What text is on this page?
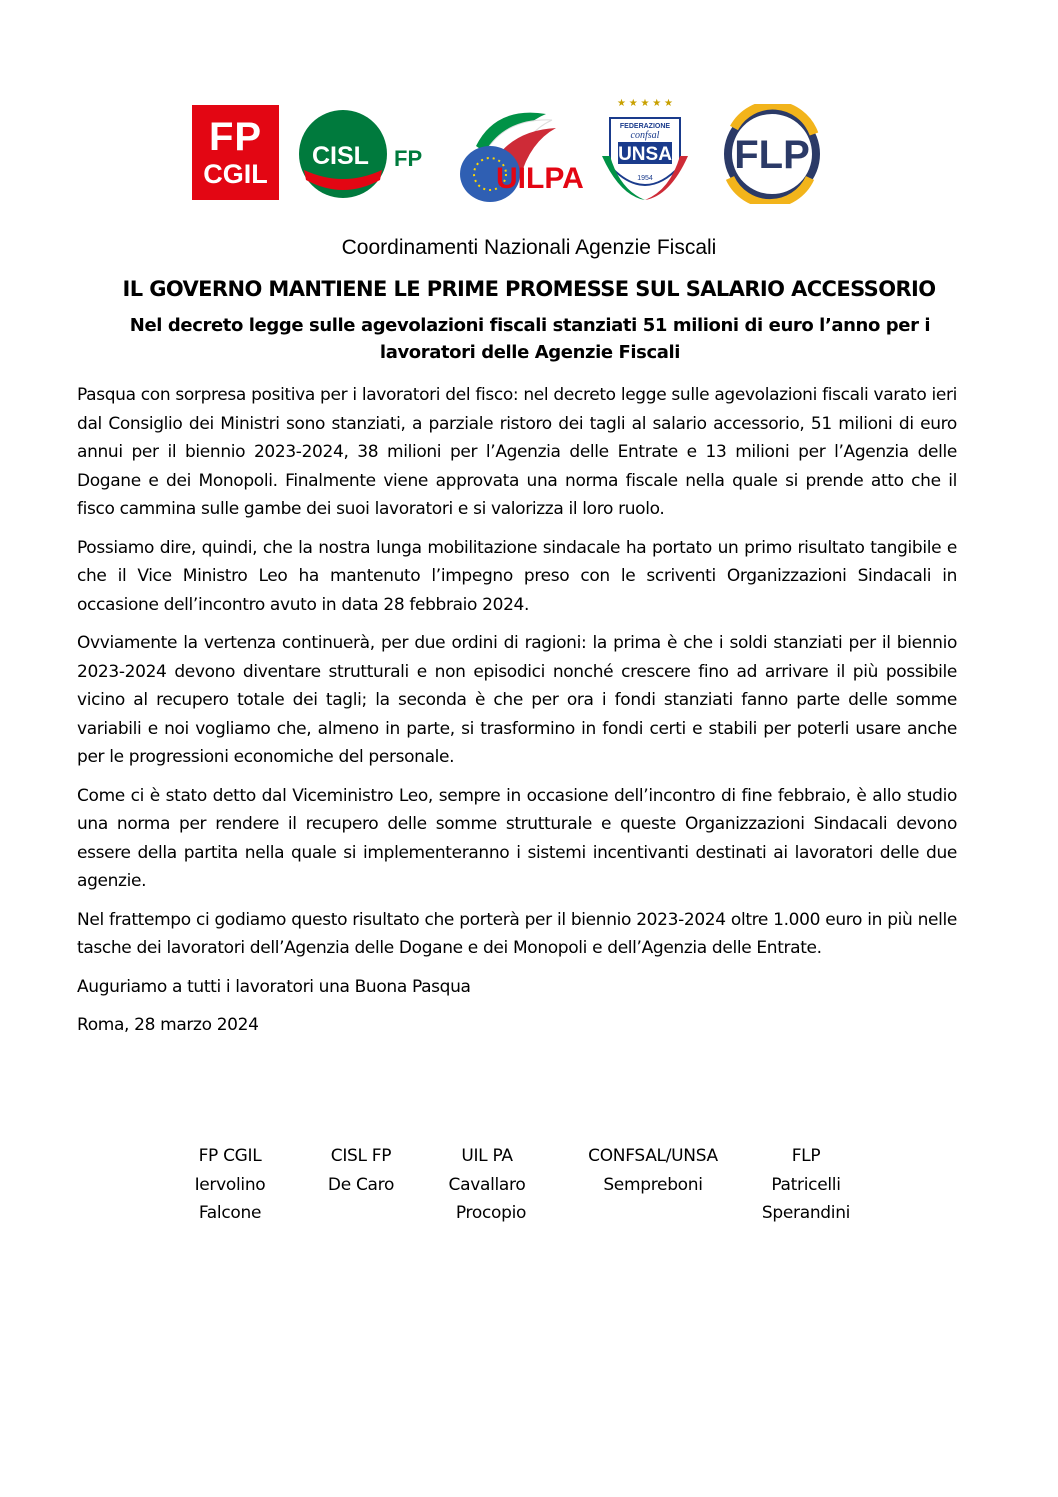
FP
CGIL
CISL FP
UILPA
★ ★ ★ ★ ★
FEDERAZIONE
confsal
UNSA
1954
FLP
Coordinamenti Nazionali Agenzie Fiscali
IL GOVERNO MANTIENE LE PRIME PROMESSE SUL SALARIO ACCESSORIO
Nel decreto legge sulle agevolazioni fiscali stanziati 51 milioni di euro l’anno per i
lavoratori delle Agenzie Fiscali

Pasqua con sorpresa positiva per i lavoratori del fisco: nel decreto legge sulle agevolazioni fiscali varato ieri dal Consiglio dei Ministri sono stanziati, a parziale ristoro dei tagli al salario accessorio, 51 milioni di euro annui per il biennio 2023-2024, 38 milioni per l’Agenzia delle Entrate e 13 milioni per l’Agenzia delle Dogane e dei Monopoli. Finalmente viene approvata una norma fiscale nella quale si prende atto che il fisco cammina sulle gambe dei suoi lavoratori e si valorizza il loro ruolo.

Possiamo dire, quindi, che la nostra lunga mobilitazione sindacale ha portato un primo risultato tangibile e che il Vice Ministro Leo ha mantenuto l’impegno preso con le scriventi Organizzazioni Sindacali in occasione dell’incontro avuto in data 28 febbraio 2024.

Ovviamente la vertenza continuerà, per due ordini di ragioni: la prima è che i soldi stanziati per il biennio 2023-2024 devono diventare strutturali e non episodici nonché crescere fino ad arrivare il più possibile vicino al recupero totale dei tagli; la seconda è che per ora i fondi stanziati fanno parte delle somme variabili e noi vogliamo che, almeno in parte, si trasformino in fondi certi e stabili per poterli usare anche per le progressioni economiche del personale.

Come ci è stato detto dal Viceministro Leo, sempre in occasione dell’incontro di fine febbraio, è allo studio una norma per rendere il recupero delle somme strutturale e queste Organizzazioni Sindacali devono essere della partita nella quale si implementeranno i sistemi incentivanti destinati ai lavoratori delle due agenzie.

Nel frattempo ci godiamo questo risultato che porterà per il biennio 2023-2024 oltre 1.000 euro in più nelle tasche dei lavoratori dell’Agenzia delle Dogane e dei Monopoli e dell’Agenzia delle Entrate.

Auguriamo a tutti i lavoratori una Buona Pasqua

Roma, 28 marzo 2024

FP CGIL
Iervolino
Falcone
CISL FP
De Caro
UIL PA
Cavallaro
Procopio
CONFSAL/UNSA
Sempreboni
FLP
Patricelli
Sperandini
